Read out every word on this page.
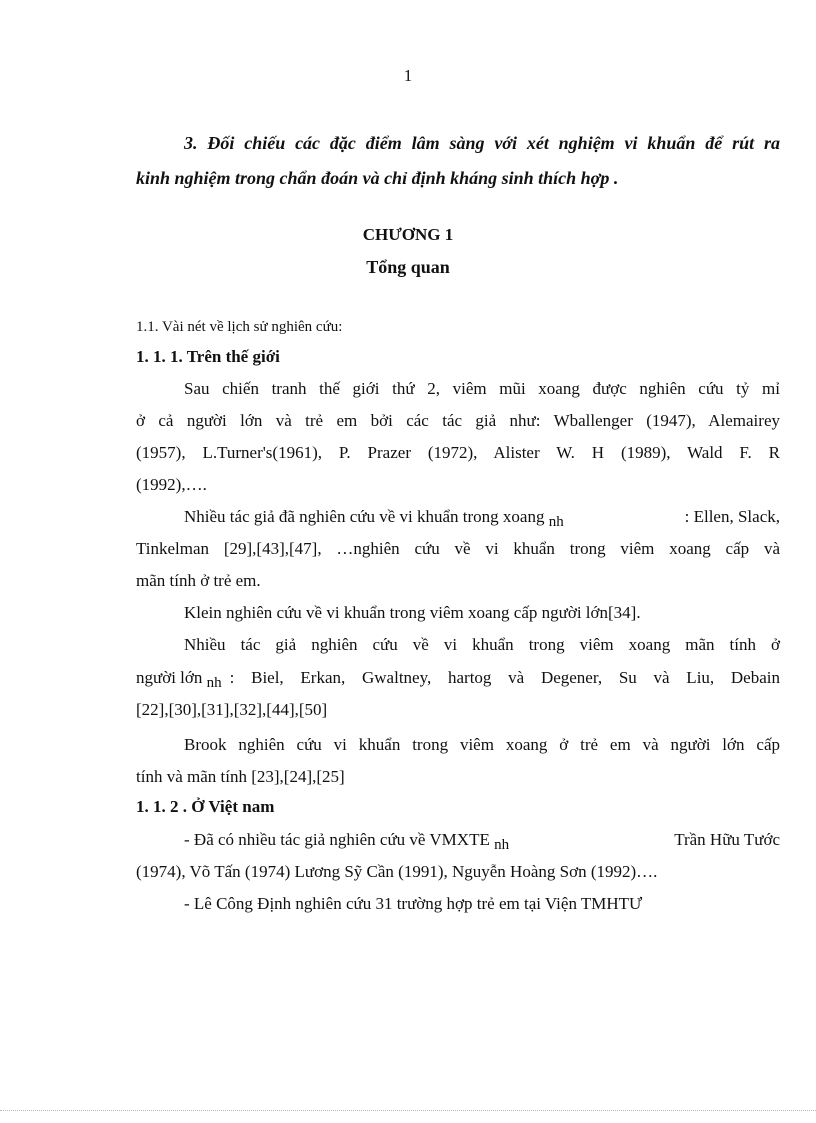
1
3. Đối chiếu các đặc điểm lâm sàng với xét nghiệm vi khuẩn để rút ra
kinh nghiệm trong chẩn đoán và chỉ định kháng sinh thích hợp .
CHƯƠNG 1
Tổng quan
1.1. Vài nét về lịch sử nghiên cứu:
1. 1. 1. Trên thế giới
Sau chiến tranh thế giới thứ 2, viêm mũi xoang được nghiên cứu tỷ mỉ
ở cả người lớn và trẻ em bởi các tác giả như: Wballenger (1947), Alemairey
(1957), L.Turner's(1961), P. Prazer (1972), Alister W. H (1989), Wald F. R
(1992),….
Nhiều tác giả đã nghiên cứu về vi khuẩn trong xoang nh	: Ellen, Slack,
Tinkelman [29],[43],[47], …nghiên cứu về vi khuẩn trong viêm xoang cấp và
mãn tính ở trẻ em.
Klein nghiên cứu về vi khuẩn trong viêm xoang cấp người lớn[34].
Nhiều tác giả nghiên cứu về vi khuẩn trong viêm xoang mãn tính ở
người lớn nh : Biel, Erkan, Gwaltney, hartog và Degener, Su và Liu, Debain
[22],[30],[31],[32],[44],[50]
Brook nghiên cứu vi khuẩn trong viêm xoang ở trẻ em và người lớn cấp
tính và mãn tính [23],[24],[25]
1. 1. 2 . Ở Việt nam
- Đã có nhiều tác giả nghiên cứu về VMXTE nh	Trần Hữu Tước
(1974), Võ Tấn (1974) Lương Sỹ Cần (1991), Nguyễn Hoàng Sơn (1992)….
- Lê Công Định nghiên cứu 31 trường hợp trẻ em tại Viện TMHTƯ
